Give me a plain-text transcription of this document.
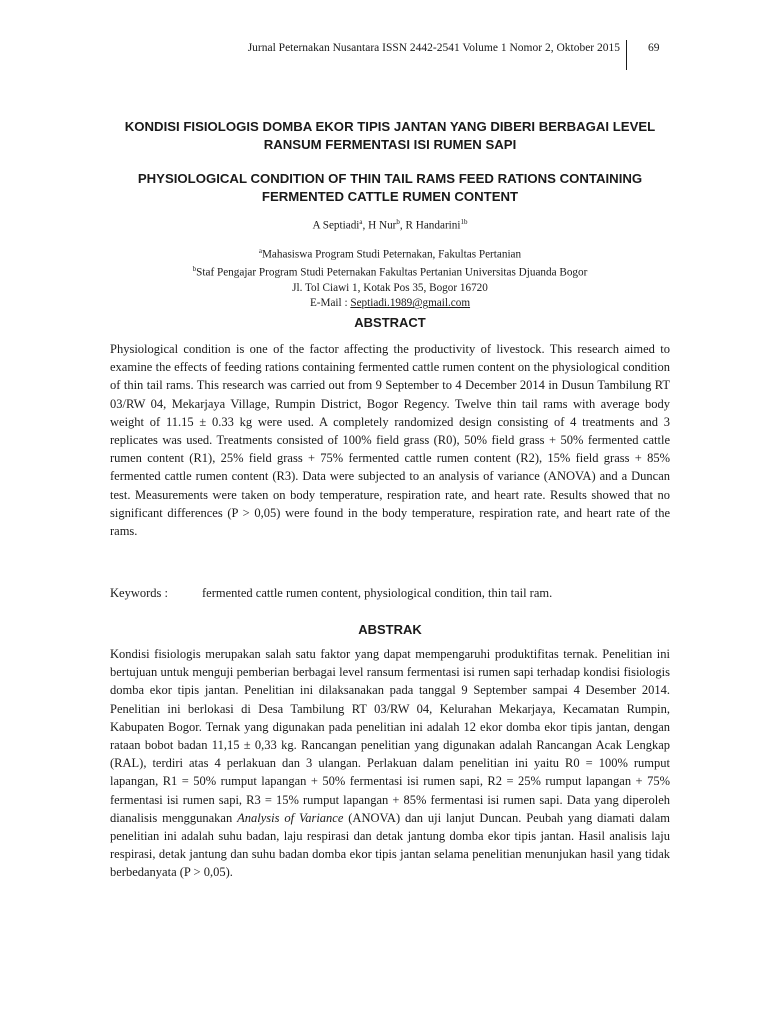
Jurnal Peternakan Nusantara ISSN 2442-2541 Volume 1 Nomor 2, Oktober 2015 69

KONDISI FISIOLOGIS DOMBA EKOR TIPIS JANTAN YANG DIBERI BERBAGAI LEVEL RANSUM FERMENTASI ISI RUMEN SAPI

PHYSIOLOGICAL CONDITION OF THIN TAIL RAMS FEED RATIONS CONTAINING FERMENTED CATTLE RUMEN CONTENT

A Septiadi$^a$, H Nur$^b$, R Handarini$^{1b}$

$^a$Mahasiswa Program Studi Peternakan, Fakultas Pertanian

$^b$Staf Pengajar Program Studi Peternakan Fakultas Pertanian Universitas Djuanda Bogor

Jl. Tol Ciawi 1, Kotak Pos 35, Bogor 16720

E-Mail : Septiadi.1989@gmail.com

ABSTRACT

Physiological condition is one of the factor affecting the productivity of livestock. This research aimed to examine the effects of feeding rations containing fermented cattle rumen content on the physiological condition of thin tail rams. This research was carried out from 9 September to 4 December 2014 in Dusun Tambilung RT 03/RW 04, Mekarjaya Village, Rumpin District, Bogor Regency. Twelve thin tail rams with average body weight of 11.15 ± 0.33 kg were used. A completely randomized design consisting of 4 treatments and 3 replicates was used. Treatments consisted of 100% field grass (R0), 50% field grass + 50% fermented cattle rumen content (R1), 25% field grass + 75% fermented cattle rumen content (R2), 15% field grass + 85% fermented cattle rumen content (R3). Data were subjected to an analysis of variance (ANOVA) and a Duncan test. Measurements were taken on body temperature, respiration rate, and heart rate. Results showed that no significant differences (P > 0,05) were found in the body temperature, respiration rate, and heart rate of the rams.

Keywords :	fermented cattle rumen content, physiological condition, thin tail ram.
ABSTRAK

Kondisi fisiologis merupakan salah satu faktor yang dapat mempengaruhi produktifitas ternak. Penelitian ini bertujuan untuk menguji pemberian berbagai level ransum fermentasi isi rumen sapi terhadap kondisi fisiologis domba ekor tipis jantan. Penelitian ini dilaksanakan pada tanggal 9 September sampai 4 Desember 2014. Penelitian ini berlokasi di Desa Tambilung RT 03/RW 04, Kelurahan Mekarjaya, Kecamatan Rumpin, Kabupaten Bogor. Ternak yang digunakan pada penelitian ini adalah 12 ekor domba ekor tipis jantan, dengan rataan bobot badan 11,15 ± 0,33 kg. Rancangan penelitian yang digunakan adalah Rancangan Acak Lengkap (RAL), terdiri atas 4 perlakuan dan 3 ulangan. Perlakuan dalam penelitian ini yaitu R0 = 100% rumput lapangan, R1 = 50% rumput lapangan + 50% fermentasi isi rumen sapi, R2 = 25% rumput lapangan + 75% fermentasi isi rumen sapi, R3 = 15% rumput lapangan + 85% fermentasi isi rumen sapi. Data yang diperoleh dianalisis menggunakan Analysis of Variance (ANOVA) dan uji lanjut Duncan. Peubah yang diamati dalam penelitian ini adalah suhu badan, laju respirasi dan detak jantung domba ekor tipis jantan. Hasil analisis laju respirasi, detak jantung dan suhu badan domba ekor tipis jantan selama penelitian menunjukan hasil yang tidak berbedanyata (P > 0,05).
